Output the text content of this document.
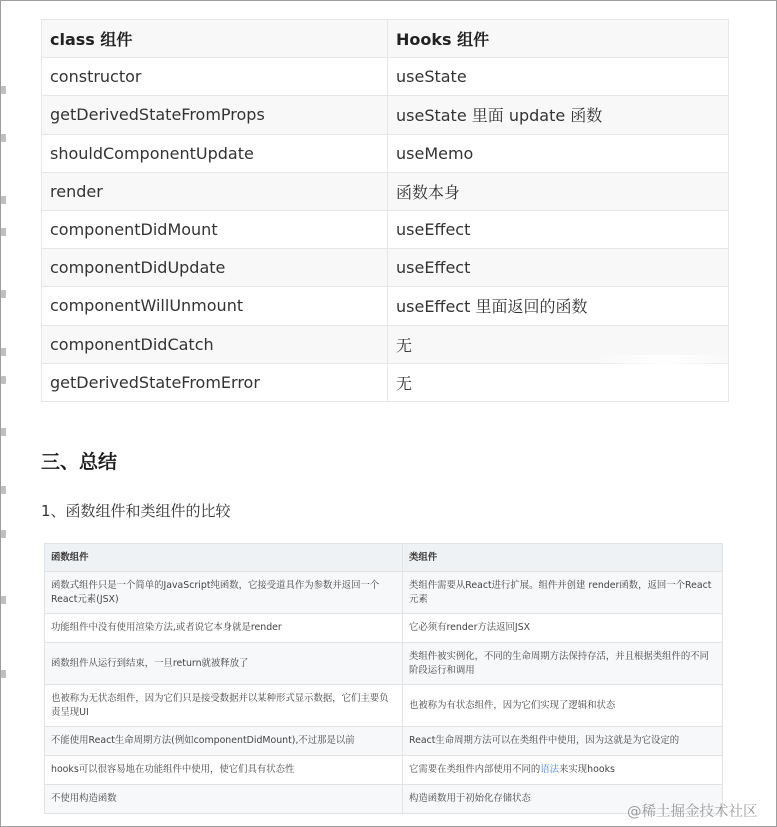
class 组件	Hooks 组件
constructor	useState
getDerivedStateFromProps	useState 里面 update 函数
shouldComponentUpdate	useMemo
render	函数本身
componentDidMount	useEffect
componentDidUpdate	useEffect
componentWillUnmount	useEffect 里面返回的函数
componentDidCatch	无
getDerivedStateFromError	无
三、总结

1、函数组件和类组件的比较

函数组件	类组件
函数式组件只是一个简单的JavaScript纯函数，它接受道具作为参数并返回一个React元素(JSX)	类组件需要从React进行扩展。组件并创建 render函数，返回一个React元素
功能组件中没有使用渲染方法,或者说它本身就是render	它必须有render方法返回JSX
函数组件从运行到结束，一旦return就被释放了	类组件被实例化，不同的生命周期方法保持存活，并且根据类组件的不同阶段运行和调用
也被称为无状态组件，因为它们只是接受数据并以某种形式显示数据，它们主要负责呈现UI	也被称为有状态组件，因为它们实现了逻辑和状态
不能使用React生命周期方法(例如componentDidMount),不过那是以前	React生命周期方法可以在类组件中使用，因为这就是为它设定的
hooks可以很容易地在功能组件中使用，使它们具有状态性	它需要在类组件内部使用不同的语法来实现hooks
不使用构造函数	构造函数用于初始化存储状态
@稀土掘金技术社区
